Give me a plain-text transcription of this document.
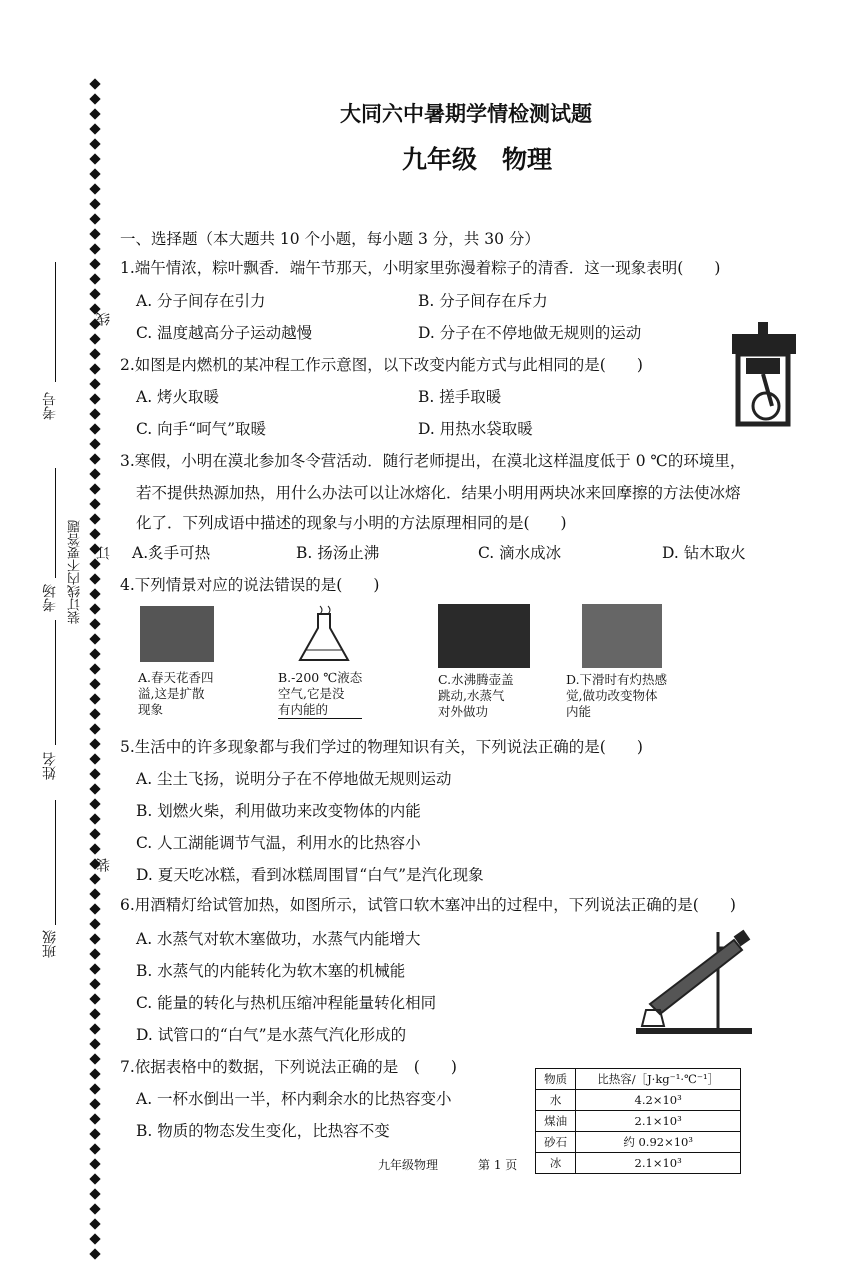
线
订
装
装订线内不要答题
考号
考场
姓名
班级
大同六中暑期学情检测试题
九年级　物理
一、选择题（本大题共 10 个小题，每小题 3 分，共 30 分）
1.端午情浓，粽叶飘香．端午节那天，小明家里弥漫着粽子的清香．这一现象表明(　　)
A. 分子间存在引力	B. 分子间存在斥力
C. 温度越高分子运动越慢	D. 分子在不停地做无规则的运动
2.如图是内燃机的某冲程工作示意图，以下改变内能方式与此相同的是(　　)
A. 烤火取暖	B. 搓手取暖
C. 向手“呵气”取暖	D. 用热水袋取暖
3.寒假，小明在漠北参加冬令营活动．随行老师提出，在漠北这样温度低于 0 ℃的环境里，
若不提供热源加热，用什么办法可以让冰熔化．结果小明用两块冰来回摩擦的方法使冰熔
化了．下列成语中描述的现象与小明的方法原理相同的是(　　)
A.炙手可热	B. 扬汤止沸	C. 滴水成冰	D. 钻木取火
4.下列情景对应的说法错误的是(　　)
A.春天花香四
溢,这是扩散
现象
B.-200 ℃液态
空气,它是没
有内能的
C.水沸腾壶盖
跳动,水蒸气
对外做功
D.下滑时有灼热感
觉,做功改变物体
内能
5.生活中的许多现象都与我们学过的物理知识有关，下列说法正确的是(　　)
A. 尘土飞扬，说明分子在不停地做无规则运动
B. 划燃火柴，利用做功来改变物体的内能
C. 人工湖能调节气温，利用水的比热容小
D. 夏天吃冰糕，看到冰糕周围冒“白气”是汽化现象
6.用酒精灯给试管加热，如图所示，试管口软木塞冲出的过程中，下列说法正确的是(　　)
A. 水蒸气对软木塞做功，水蒸气内能增大
B. 水蒸气的内能转化为软木塞的机械能
C. 能量的转化与热机压缩冲程能量转化相同
D. 试管口的“白气”是水蒸气汽化形成的
7.依据表格中的数据，下列说法正确的是　(　　)
A. 一杯水倒出一半，杯内剩余水的比热容变小
B. 物质的物态发生变化，比热容不变
物质	比热容/［J·kg⁻¹·℃⁻¹］
水	4.2×10³
煤油	2.1×10³
砂石	约 0.92×10³
冰	2.1×10³
九年级物理	第 1 页
